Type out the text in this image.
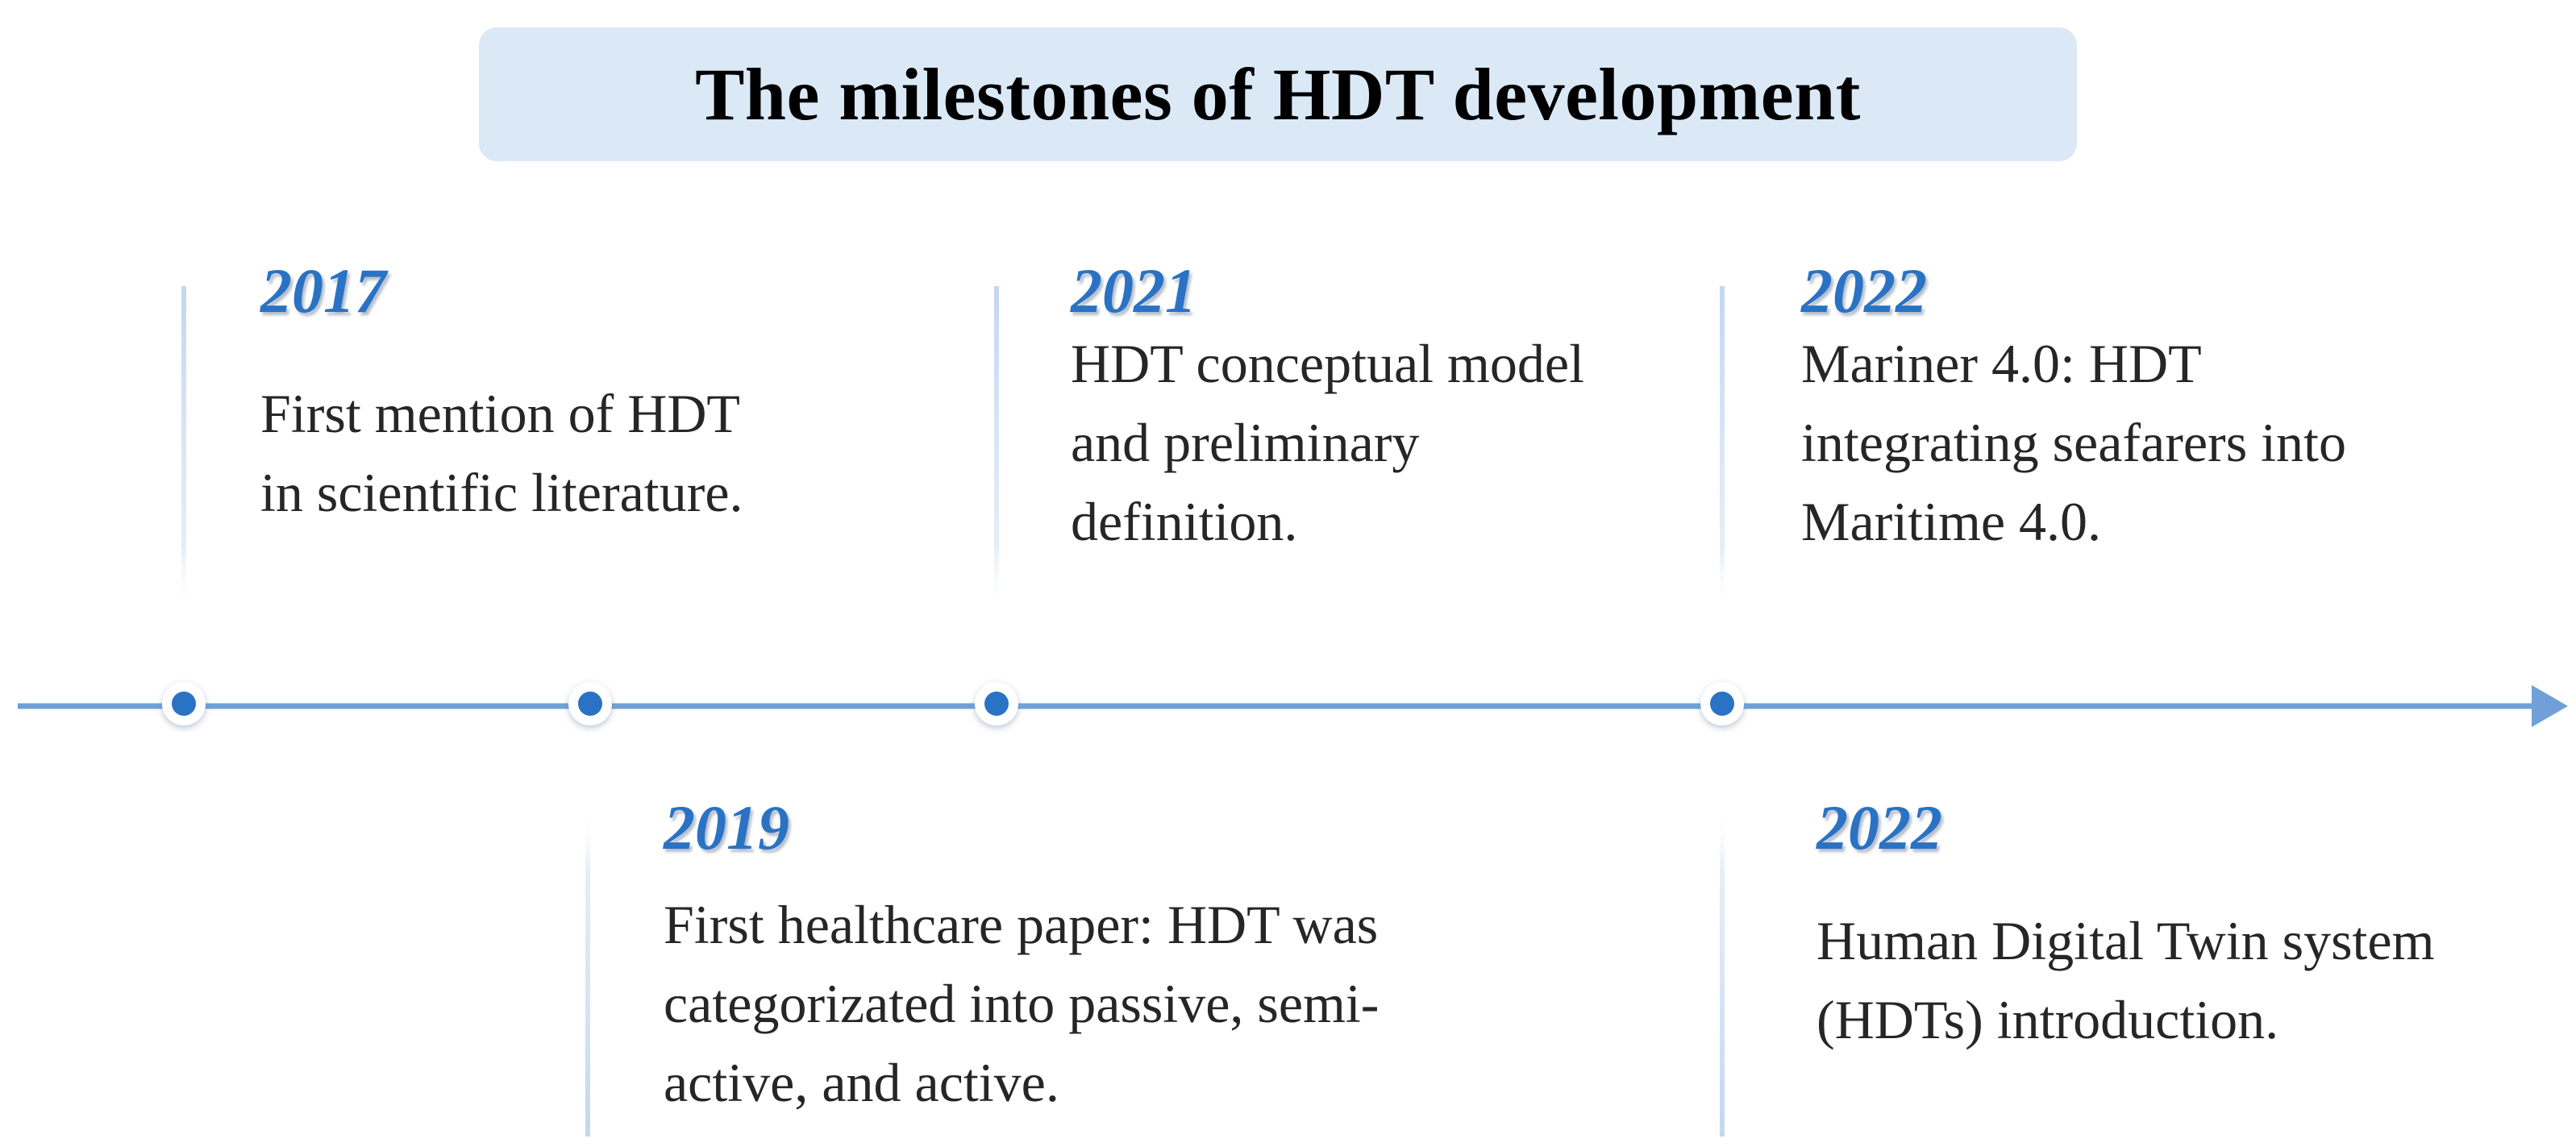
The milestones of HDT development
2017
First mention of HDT
in scientific literature.
2019
First healthcare paper: HDT was
categorizated into passive, semi-
active, and active.
2021
HDT conceptual model
and preliminary
definition.
2022
Mariner 4.0: HDT
integrating seafarers into
Maritime 4.0.
2022
Human Digital Twin system
(HDTs) introduction.
